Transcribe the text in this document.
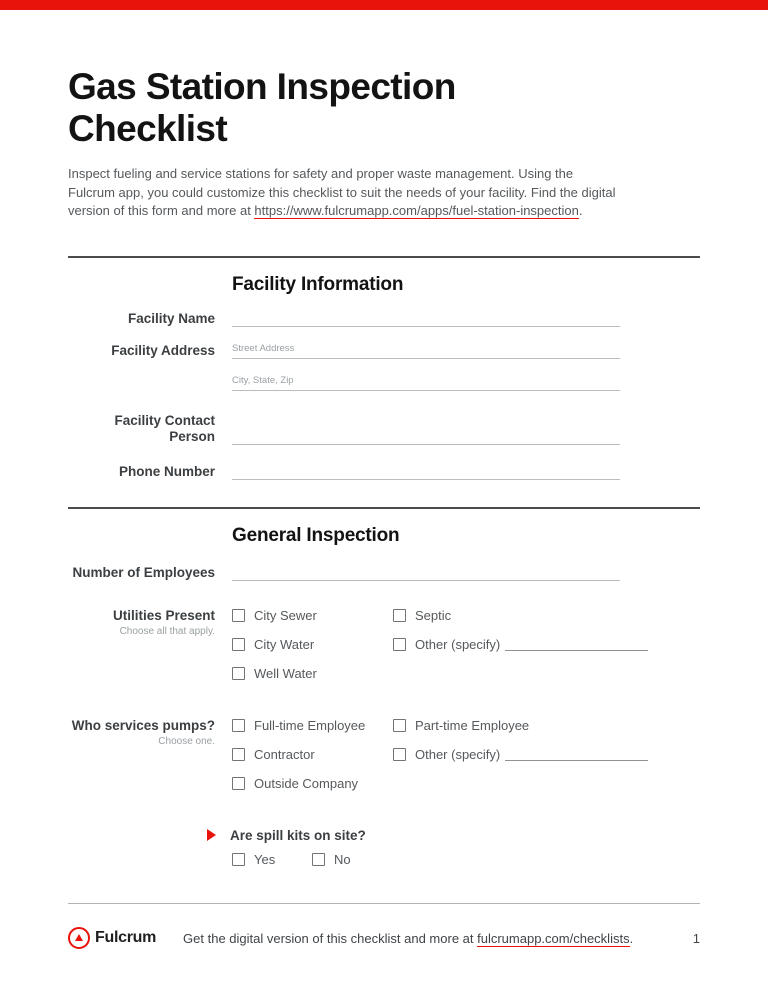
Gas Station Inspection Checklist

Inspect fueling and service stations for safety and proper waste management. Using the Fulcrum app, you could customize this checklist to suit the needs of your facility. Find the digital version of this form and more at https://www.fulcrumapp.com/apps/fuel-station-inspection.

Facility Information
Facility Name
Facility Address Street Address
City, State, Zip
Facility Contact Person
Phone Number
General Inspection
Number of Employees
Utilities Present
Choose all that apply.
City Sewer
City Water
Well Water
Septic
Other (specify)
Who services pumps?
Choose one.
Full-time Employee
Contractor
Outside Company
Part-time Employee
Other (specify)
Are spill kits on site?
Yes	No
Fulcrum Get the digital version of this checklist and more at fulcrumapp.com/checklists.	1
